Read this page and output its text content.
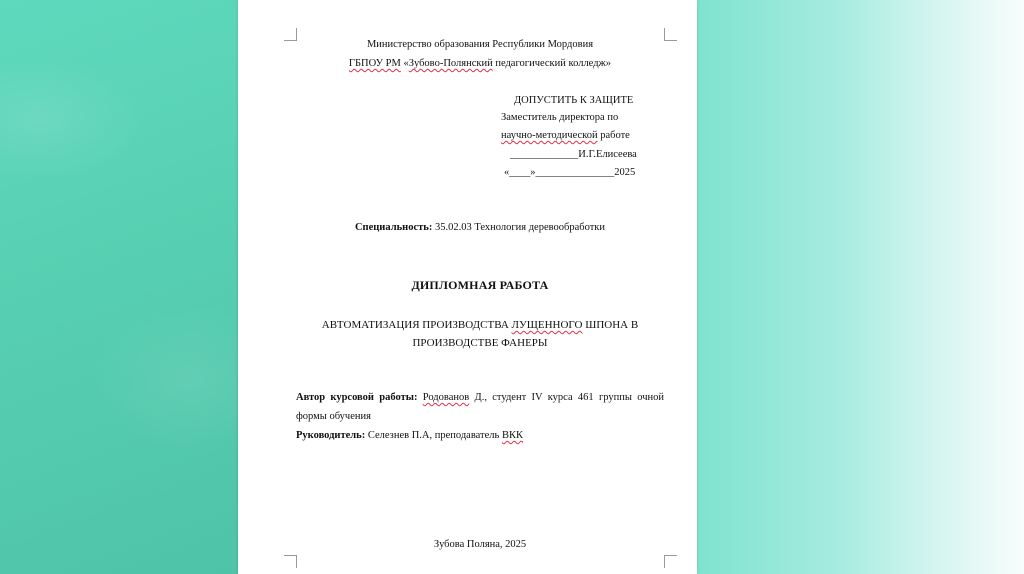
Министерство образования Республики Мордовия
ГБПОУ РМ «Зубово-Полянский педагогический колледж»
ДОПУСТИТЬ К ЗАЩИТЕ
Заместитель директора по
научно-методической работе
_____________И.Г.Елисеева
«____»_______________2025
Специальность: 35.02.03 Технология деревообработки
ДИПЛОМНАЯ РАБОТА
АВТОМАТИЗАЦИЯ ПРОИЗВОДСТВА ЛУЩЕННОГО ШПОНА В
ПРОИЗВОДСТВЕ ФАНЕРЫ
Автор курсовой работы: Родованов Д., студент IV курса 461 группы очной
формы обучения
Руководитель: Селезнев П.А, преподаватель ВКК
Зубова Поляна, 2025
